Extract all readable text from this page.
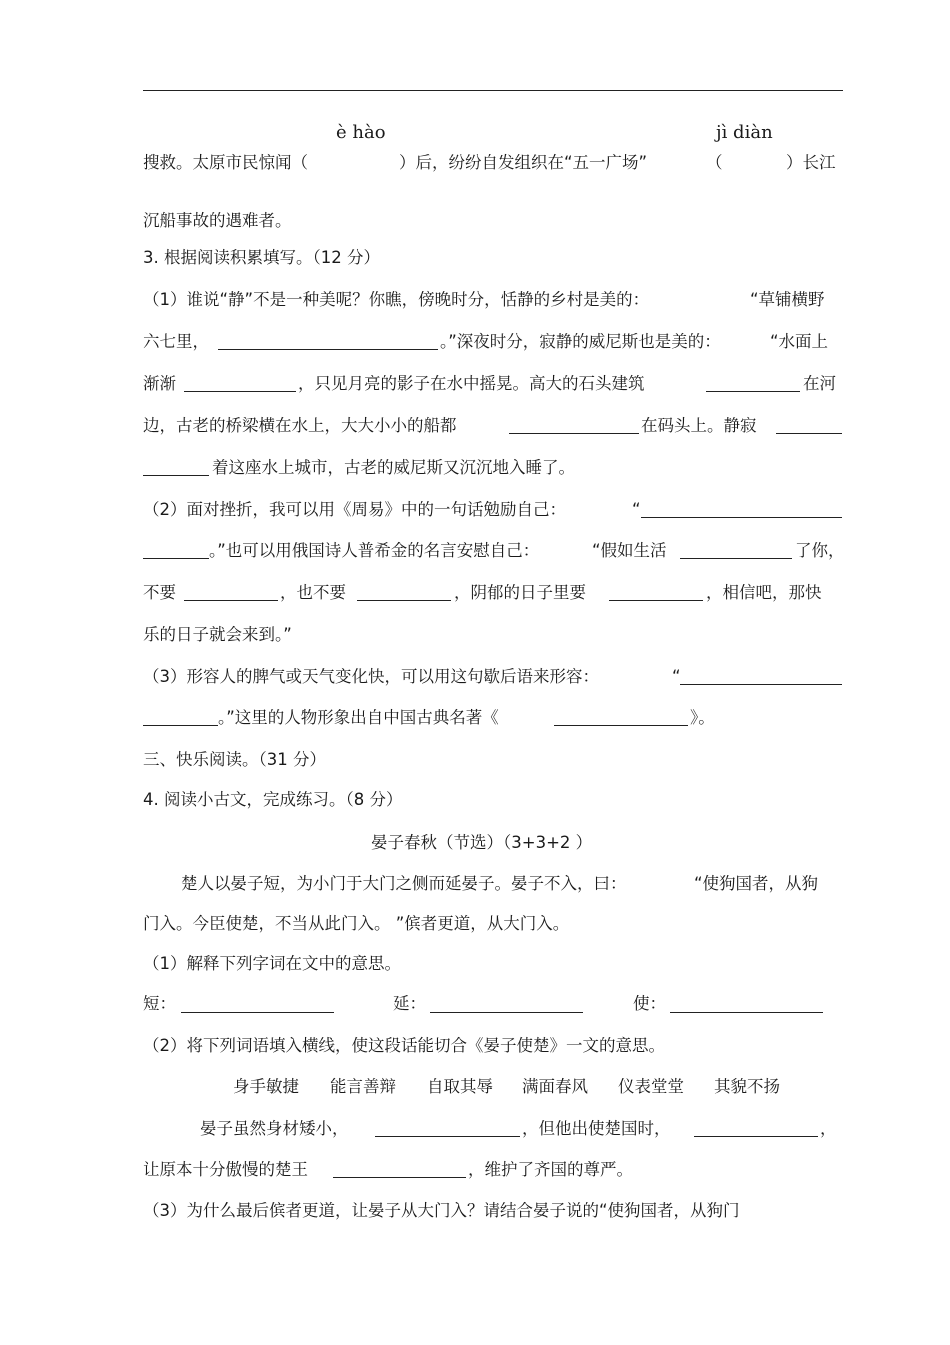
è hào	jì diàn
搜救。太原市民惊闻（	）后，纷纷自发组织在“五一广场”	（	）长江
沉船事故的遇难者。
3. 根据阅读积累填写。（12 分）
（1）谁说“静”不是一种美呢？你瞧，傍晚时分，恬静的乡村是美的：	“草铺横野
六七里，	。”深夜时分，寂静的威尼斯也是美的：	“水面上
渐渐	，只见月亮的影子在水中摇晃。高大的石头建筑	在河
边，古老的桥梁横在水上，大大小小的船都	在码头上。静寂
着这座水上城市，古老的威尼斯又沉沉地入睡了。
（2）面对挫折，我可以用《周易》中的一句话勉励自己：	“
。”也可以用俄国诗人普希金的名言安慰自己：	“假如生活	了你，
不要	，也不要	，阴郁的日子里要	，相信吧，那快
乐的日子就会来到。”
（3）形容人的脾气或天气变化快，可以用这句歇后语来形容：	“
。”这里的人物形象出自中国古典名著《	》。
三、快乐阅读。（31 分）
4. 阅读小古文，完成练习。（8 分）
晏子春秋（节选）（3+3+2 ）
楚人以晏子短，为小门于大门之侧而延晏子。晏子不入，曰：	“使狗国者，从狗
门入。今臣使楚，不当从此门入。 ”傧者更道，从大门入。
（1）解释下列字词在文中的意思。
短：	延：	使：
（2）将下列词语填入横线，使这段话能切合《晏子使楚》一文的意思。
身手敏捷 能言善辩 自取其辱 满面春风 仪表堂堂 其貌不扬
晏子虽然身材矮小，	，但他出使楚国时，	，
让原本十分傲慢的楚王	，维护了齐国的尊严。
（3）为什么最后傧者更道，让晏子从大门入？请结合晏子说的“使狗国者，从狗门
